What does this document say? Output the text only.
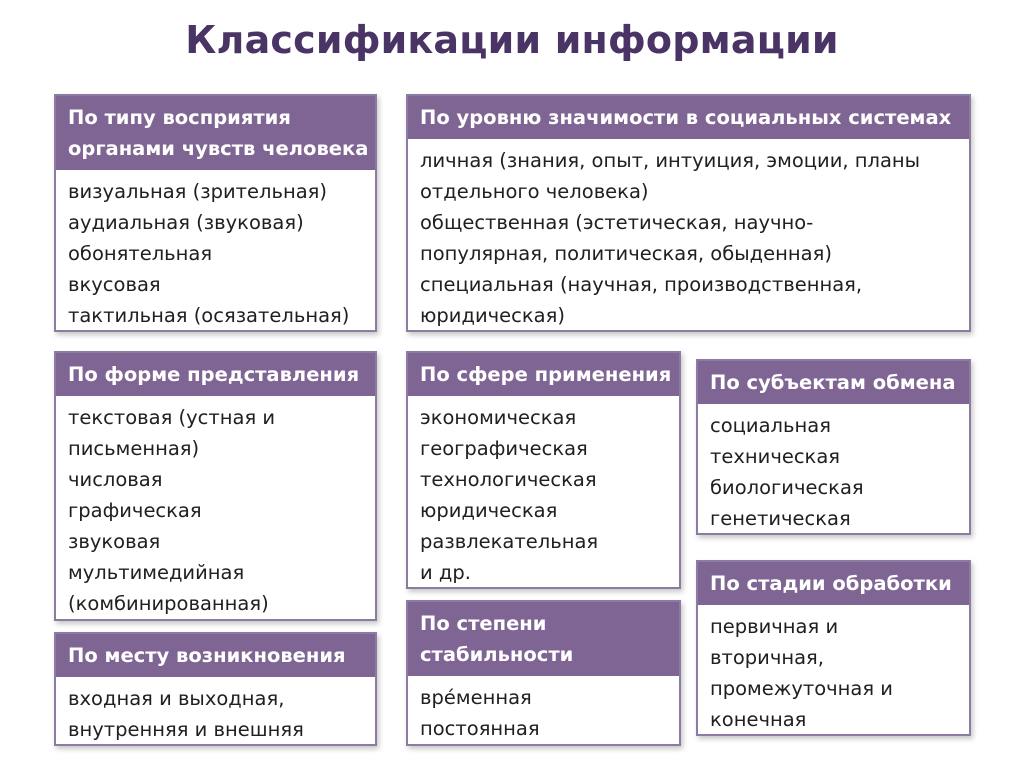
Классификации информации
По типу восприятия
органами чувств человека
визуальная (зрительная)
аудиальная (звуковая)
обонятельная
вкусовая
тактильная (осязательная)
По уровню значимости в социальных системах
личная (знания, опыт, интуиция, эмоции, планы
отдельного человека)
общественная (эстетическая, научно-
популярная, политическая, обыденная)
специальная (научная, производственная,
юридическая)
По форме представления
текстовая (устная и
письменная)
числовая
графическая
звуковая
мультимедийная
(комбинированная)
По сфере применения
экономическая
географическая
технологическая
юридическая
развлекательная
и др.
По субъектам обмена
социальная
техническая
биологическая
генетическая
По месту возникновения
входная и выходная,
внутренняя и внешняя
По степени
стабильности
вре́менная
постоянная
По стадии обработки
первичная и
вторичная,
промежуточная и
конечная
